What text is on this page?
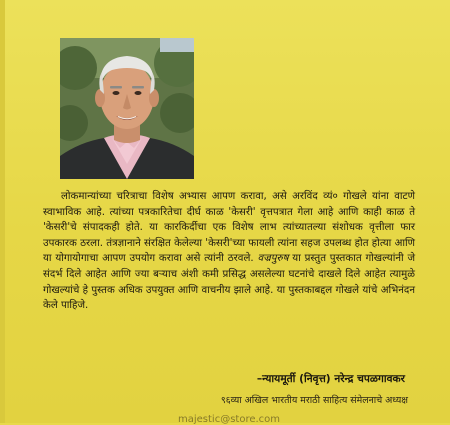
लोकमान्यांच्या चरित्राचा विशेष अभ्यास आपण करावा, असे अरविंद व्यं० गोखले यांना वाटणे स्वाभाविक आहे. त्यांच्या पत्रकारितेचा दीर्घ काळ 'केसरी' वृत्तपत्रात गेला आहे आणि काही काळ ते 'केसरी'चे संपादकही होते. या कारकिर्दीचा एक विशेष लाभ त्यांच्यातल्या संशोधक वृत्तीला फार उपकारक ठरला. तंत्रज्ञानाने संरक्षित केलेल्या 'केसरी'च्या फायली त्यांना सहज उपलब्ध होत होत्या आणि या योगायोगाचा आपण उपयोग करावा असे त्यांनी ठरवले. वज्रपुरुष या प्रस्तुत पुस्तकात गोखल्यांनी जे संदर्भ दिले आहेत आणि ज्या बऱ्याच अंशी कमी प्रसिद्ध असलेल्या घटनांचे दाखले दिले आहेत त्यामुळे गोखल्यांचे हे पुस्तक अधिक उपयुक्त आणि वाचनीय झाले आहे. या पुस्तकाबद्दल गोखले यांचे अभिनंदन केले पाहिजे.

–न्यायमूर्ती (निवृत्त) नरेन्द्र चपळगावकर
९६व्या अखिल भारतीय मराठी साहित्य संमेलनाचे अध्यक्ष
majestic@store.com
